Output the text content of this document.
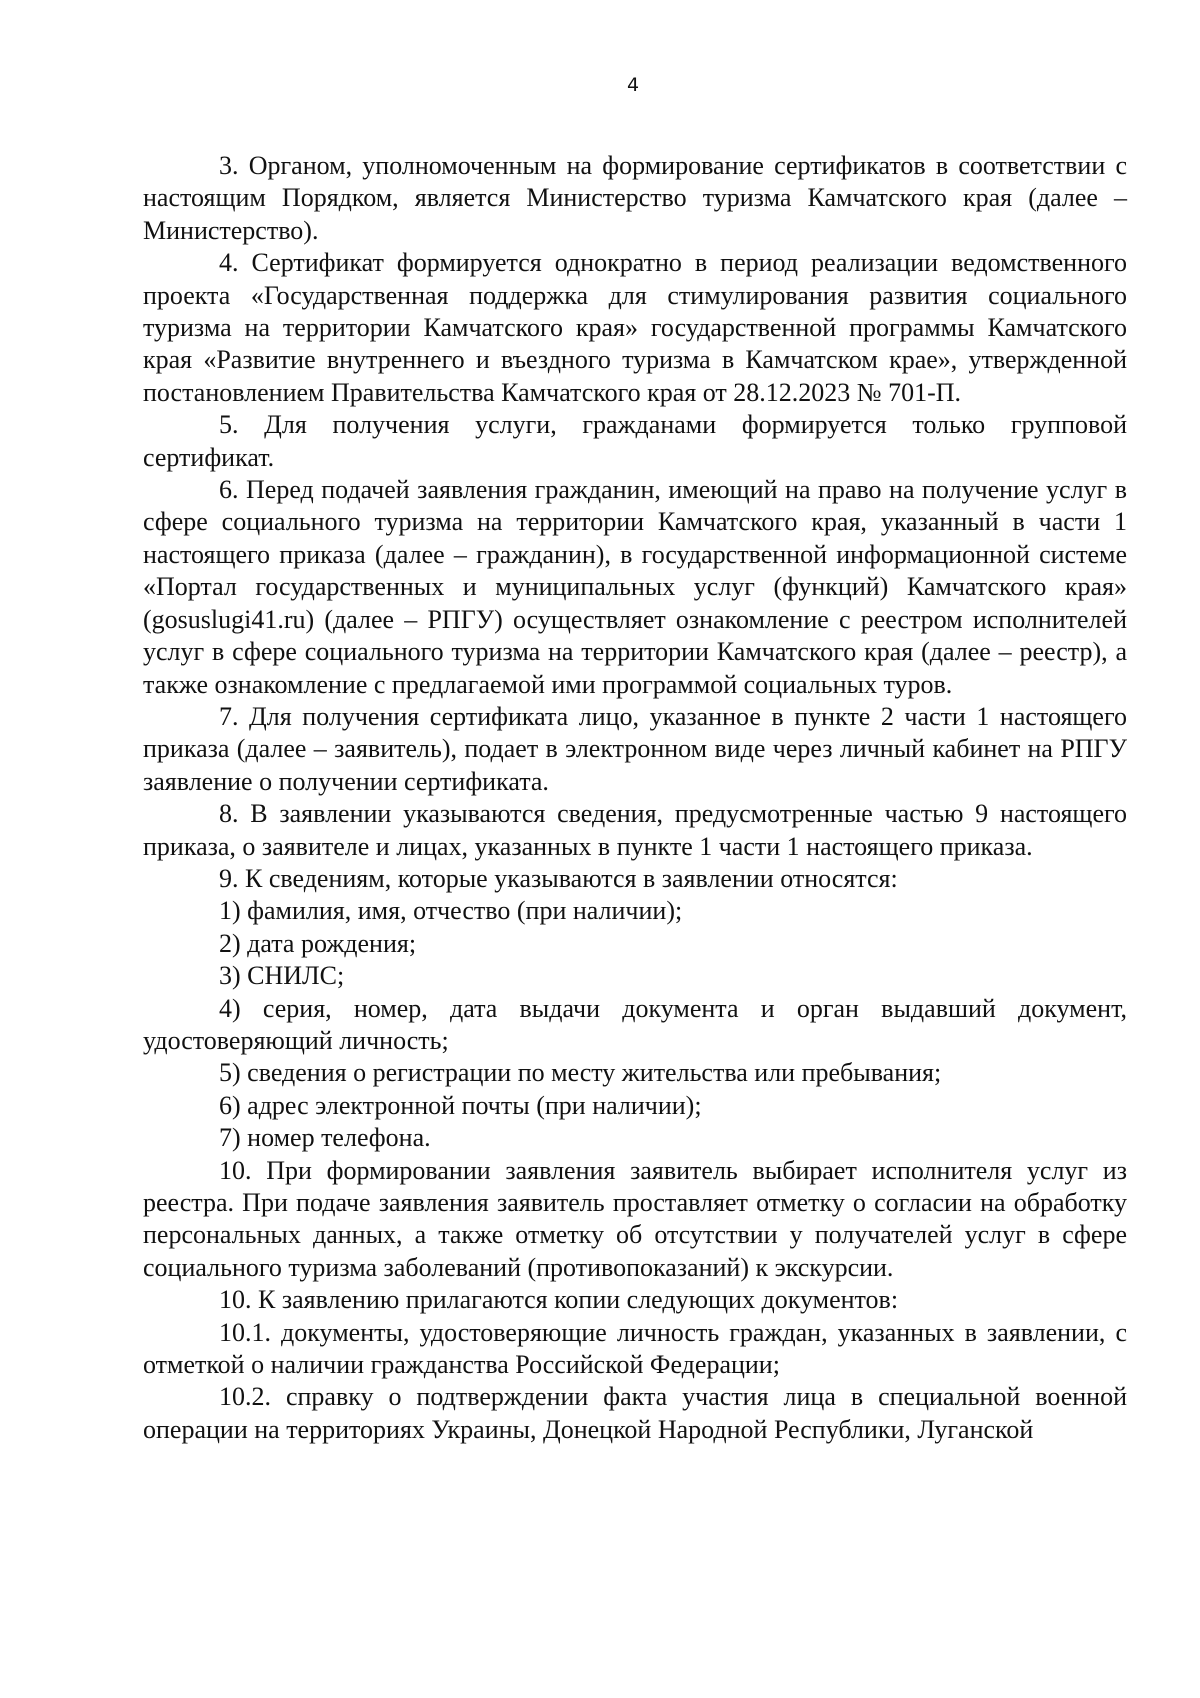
4

3. Органом, уполномоченным на формирование сертификатов в соответствии с настоящим Порядком, является Министерство туризма Камчатского края (далее – Министерство).

4. Сертификат формируется однократно в период реализации ведомственного проекта «Государственная поддержка для стимулирования развития социального туризма на территории Камчатского края» государственной программы Камчатского края «Развитие внутреннего и въездного туризма в Камчатском крае», утвержденной постановлением Правительства Камчатского края от 28.12.2023 № 701-П.

5. Для получения услуги, гражданами формируется только групповой сертификат.

6. Перед подачей заявления гражданин, имеющий на право на получение услуг в сфере социального туризма на территории Камчатского края, указанный в части 1 настоящего приказа (далее – гражданин), в государственной информационной системе «Портал государственных и муниципальных услуг (функций) Камчатского края» (gosuslugi41.ru) (далее – РПГУ) осуществляет ознакомление с реестром исполнителей услуг в сфере социального туризма на территории Камчатского края (далее – реестр), а также ознакомление с предлагаемой ими программой социальных туров.

7. Для получения сертификата лицо, указанное в пункте 2 части 1 настоящего приказа (далее – заявитель), подает в электронном виде через личный кабинет на РПГУ заявление о получении сертификата.

8. В заявлении указываются сведения, предусмотренные частью 9 настоящего приказа, о заявителе и лицах, указанных в пункте 1 части 1 настоящего приказа.

9. К сведениям, которые указываются в заявлении относятся:

1) фамилия, имя, отчество (при наличии);

2) дата рождения;

3) СНИЛС;

4) серия, номер, дата выдачи документа и орган выдавший документ, удостоверяющий личность;

5) сведения о регистрации по месту жительства или пребывания;

6) адрес электронной почты (при наличии);

7) номер телефона.

10. При формировании заявления заявитель выбирает исполнителя услуг из реестра. При подаче заявления заявитель проставляет отметку о согласии на обработку персональных данных, а также отметку об отсутствии у получателей услуг в сфере социального туризма заболеваний (противопоказаний) к экскурсии.

10. К заявлению прилагаются копии следующих документов:

10.1. документы, удостоверяющие личность граждан, указанных в заявлении, с отметкой о наличии гражданства Российской Федерации;

10.2. справку о подтверждении факта участия лица в специальной военной операции на территориях Украины, Донецкой Народной Республики, Луганской
